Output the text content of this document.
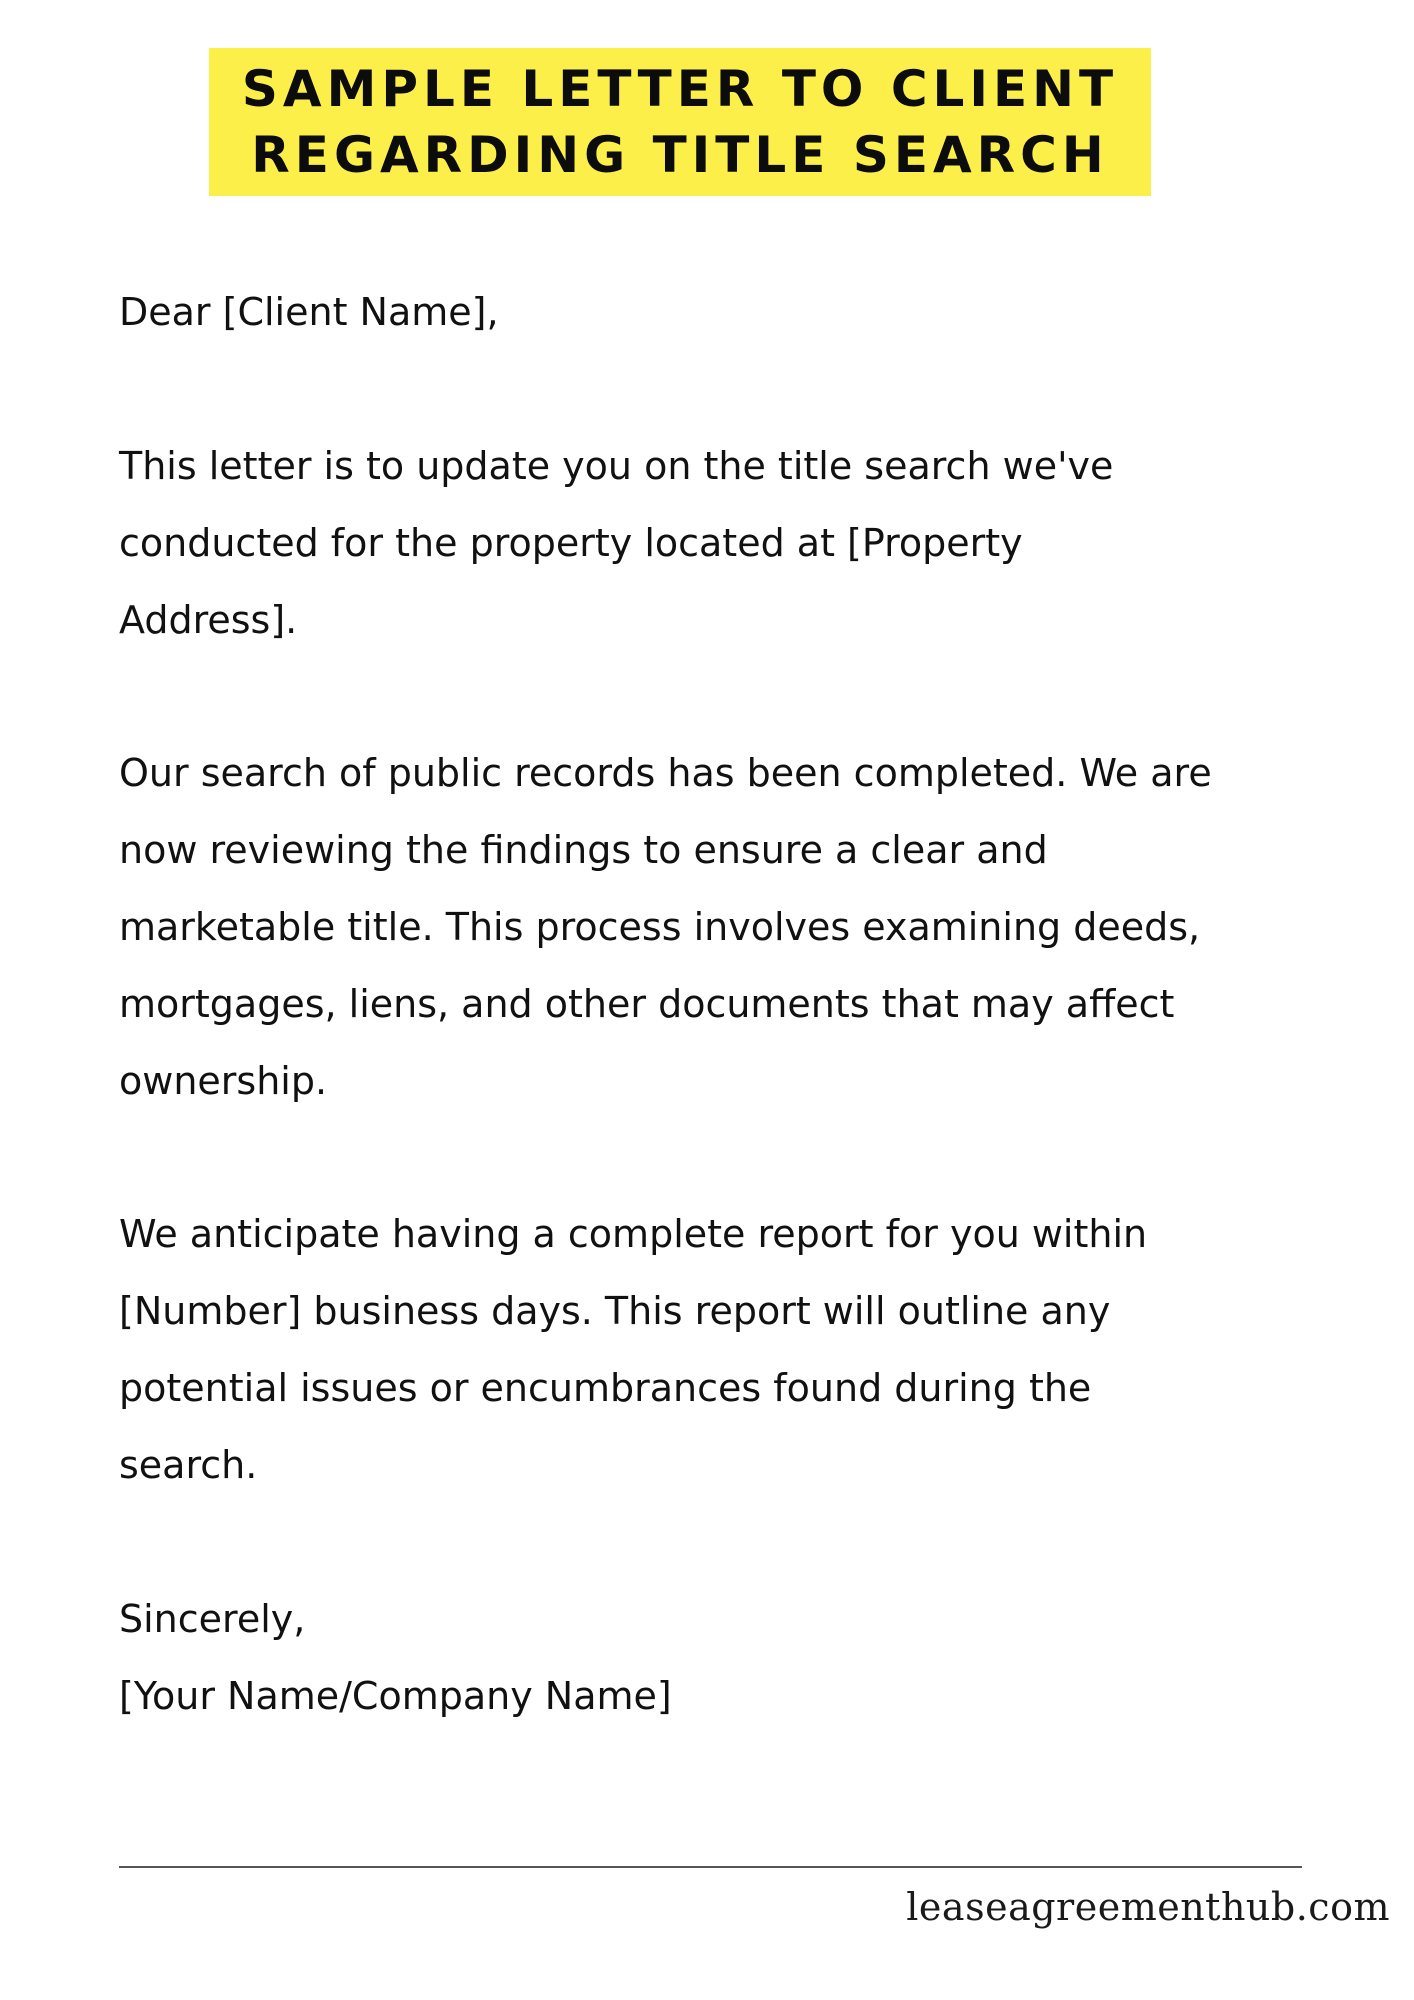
SAMPLE LETTER TO CLIENT
REGARDING TITLE SEARCH
Dear [Client Name],
This letter is to update you on the title search we've
conducted for the property located at [Property
Address].
Our search of public records has been completed. We are
now reviewing the findings to ensure a clear and
marketable title. This process involves examining deeds,
mortgages, liens, and other documents that may affect
ownership.
We anticipate having a complete report for you within
[Number] business days. This report will outline any
potential issues or encumbrances found during the
search.
Sincerely,
[Your Name/Company Name]
leaseagreementhub.com
